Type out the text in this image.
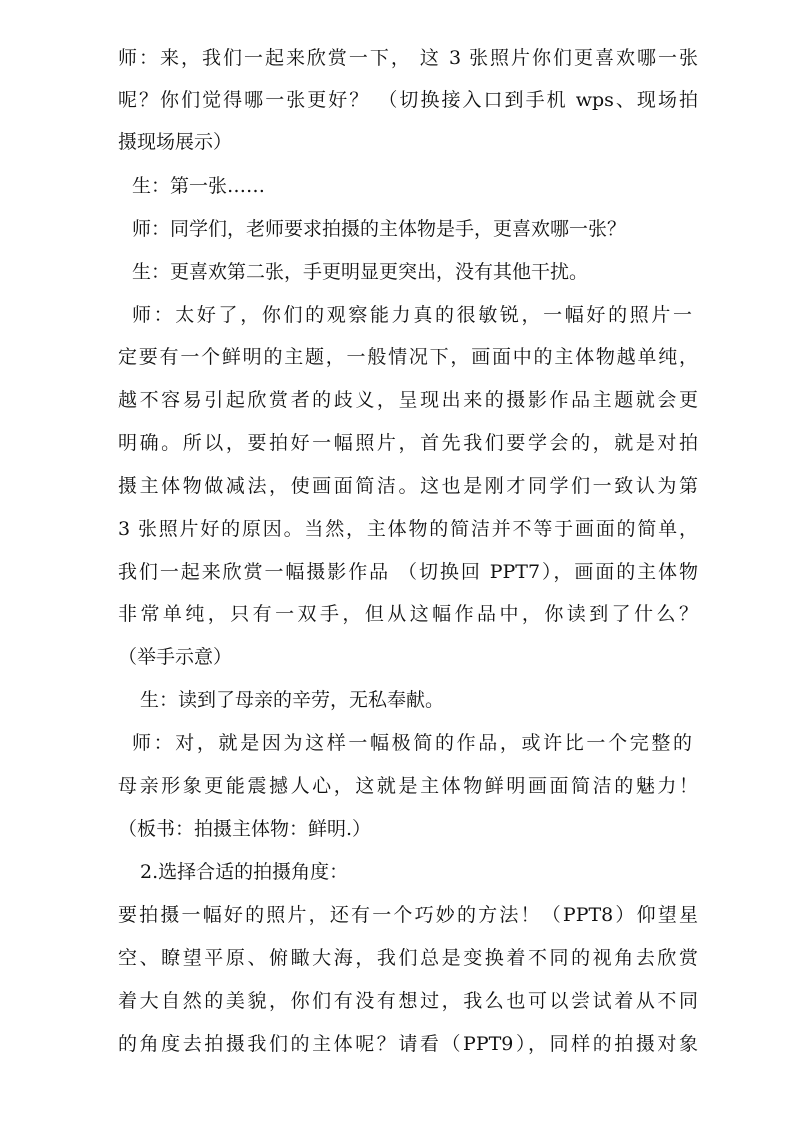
师：来，我们一起来欣赏一下， 这 3 张照片你们更喜欢哪一张
呢？你们觉得哪一张更好？ （切换接入口到手机 wps、现场拍
摄现场展示）
生：第一张……
师：同学们，老师要求拍摄的主体物是手，更喜欢哪一张？
生：更喜欢第二张，手更明显更突出，没有其他干扰。
师：太好了，你们的观察能力真的很敏锐，一幅好的照片一
定要有一个鲜明的主题，一般情况下，画面中的主体物越单纯，
越不容易引起欣赏者的歧义，呈现出来的摄影作品主题就会更
明确。所以，要拍好一幅照片，首先我们要学会的，就是对拍
摄主体物做减法，使画面简洁。这也是刚才同学们一致认为第
3 张照片好的原因。当然，主体物的简洁并不等于画面的简单，
我们一起来欣赏一幅摄影作品 （切换回 PPT7），画面的主体物
非常单纯，只有一双手，但从这幅作品中，你读到了什么？
（举手示意）
生：读到了母亲的辛劳，无私奉献。
师：对，就是因为这样一幅极简的作品，或许比一个完整的
母亲形象更能震撼人心，这就是主体物鲜明画面简洁的魅力！
（板书：拍摄主体物：鲜明.）
2.选择合适的拍摄角度：
要拍摄一幅好的照片，还有一个巧妙的方法！（PPT8）仰望星
空、瞭望平原、俯瞰大海，我们总是变换着不同的视角去欣赏
着大自然的美貌，你们有没有想过，我么也可以尝试着从不同
的角度去拍摄我们的主体呢？请看（PPT9），同样的拍摄对象
